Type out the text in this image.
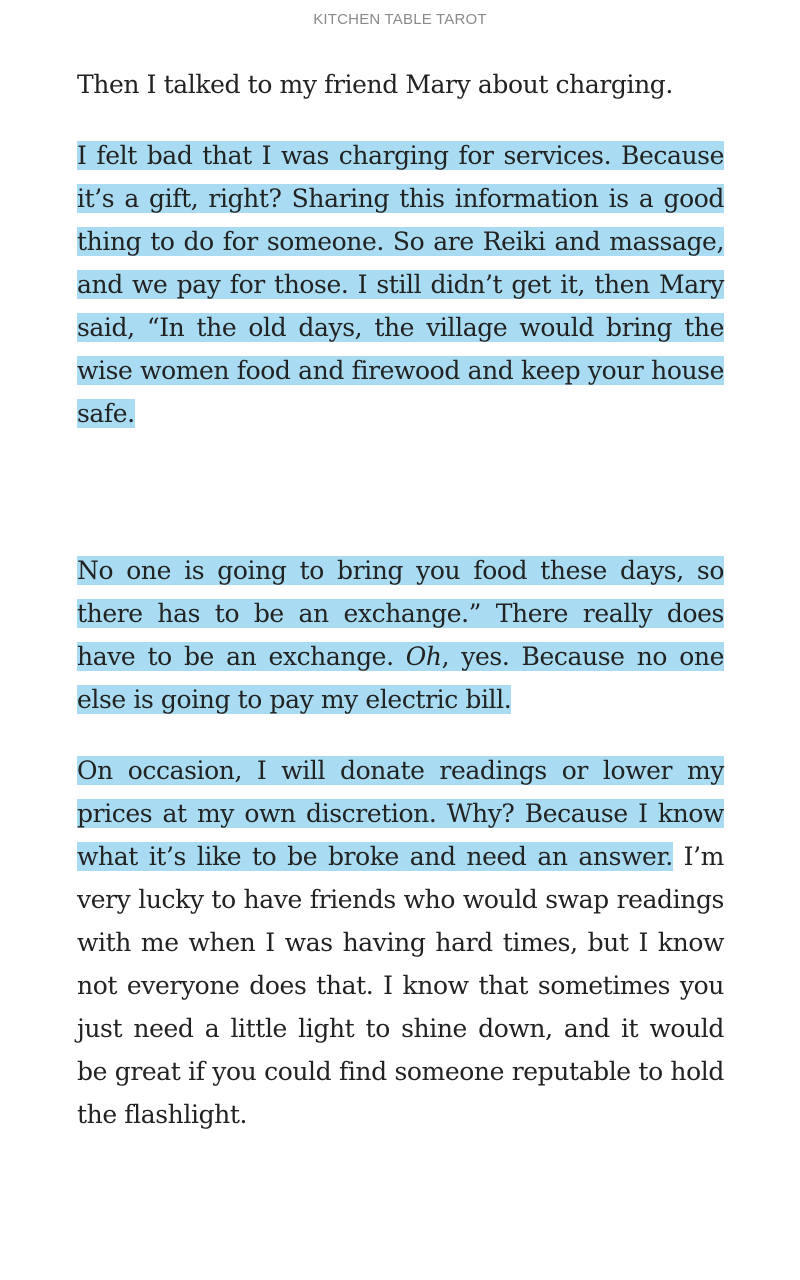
KITCHEN TABLE TAROT

Then I talked to my friend Mary about charging.

I felt bad that I was charging for services. Because it’s a gift, right? Sharing this information is a good thing to do for someone. So are Reiki and massage, and we pay for those. I still didn’t get it, then Mary said, “In the old days, the village would bring the wise women food and firewood and keep your house safe.

No one is going to bring you food these days, so there has to be an exchange.” There really does have to be an exchange. Oh, yes. Because no one else is going to pay my electric bill.

On occasion, I will donate readings or lower my prices at my own discretion. Why? Because I know what it’s like to be broke and need an answer. I’m very lucky to have friends who would swap readings with me when I was having hard times, but I know not everyone does that. I know that sometimes you just need a little light to shine down, and it would be great if you could find someone reputable to hold the flashlight.
